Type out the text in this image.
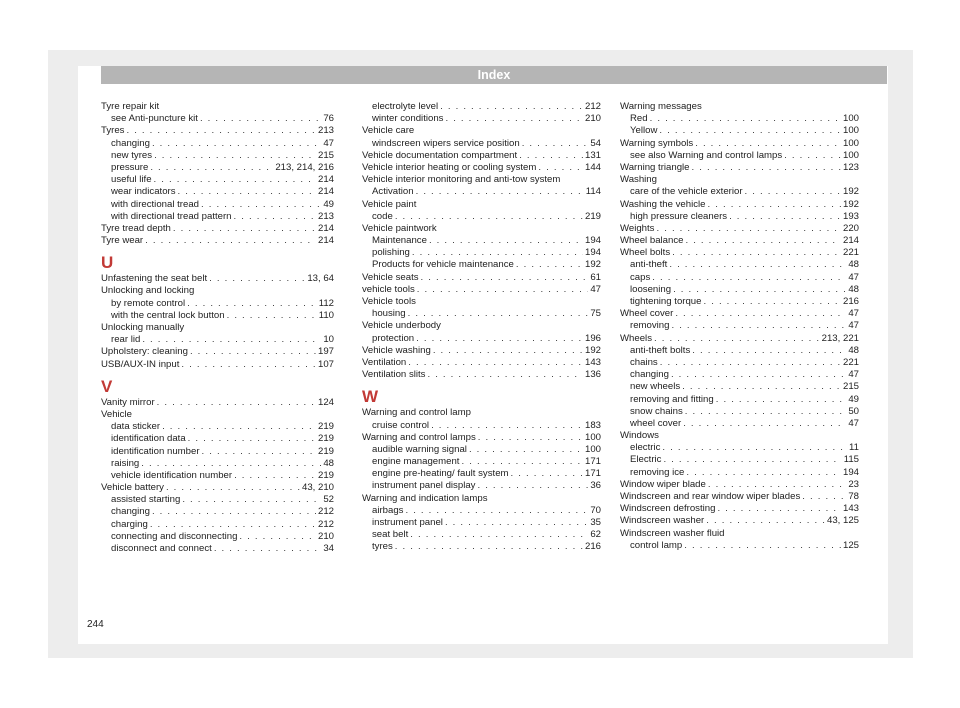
Index
Tyre repair kit
see Anti-puncture kit . . .	76
Tyres . . .	213
changing . . .	47
new tyres . . .	215
pressure . . .	213, 214, 216
useful life . . .	214
wear indicators . . .	214
with directional tread . . .	49
with directional tread pattern . . .	213
Tyre tread depth . . .	214
Tyre wear . . .	214
U
Unfastening the seat belt . . .	13, 64
Unlocking and locking
by remote control . . .	112
with the central lock button . . .	110
Unlocking manually
rear lid . . .	10
Upholstery: cleaning . . .	197
USB/AUX-IN input . . .	107
V
Vanity mirror . . .	124
Vehicle
data sticker . . .	219
identification data . . .	219
identification number . . .	219
raising . . .	48
vehicle identification number . . .	219
Vehicle battery . . .	43, 210
assisted starting . . .	52
changing . . .	212
charging . . .	212
connecting and disconnecting . . .	210
disconnect and connect . . .	34
electrolyte level . . .	212
winter conditions . . .	210
Vehicle care
windscreen wipers service position . . .	54
Vehicle documentation compartment . . .	131
Vehicle interior heating or cooling system . . .	144
Vehicle interior monitoring and anti-tow system
Activation . . .	114
Vehicle paint
code . . .	219
Vehicle paintwork
Maintenance . . .	194
polishing . . .	194
Products for vehicle maintenance . . .	192
Vehicle seats . . .	61
vehicle tools . . .	47
Vehicle tools
housing . . .	75
Vehicle underbody
protection . . .	196
Vehicle washing . . .	192
Ventilation . . .	143
Ventilation slits . . .	136
W
Warning and control lamp
cruise control . . .	183
Warning and control lamps . . .	100
audible warning signal . . .	100
engine management . . .	171
engine pre-heating/ fault system . . .	171
instrument panel display . . .	36
Warning and indication lamps
airbags . . .	70
instrument panel . . .	35
seat belt . . .	62
tyres . . .	216
Warning messages
Red . . .	100
Yellow . . .	100
Warning symbols . . .	100
see also Warning and control lamps . . .	100
Warning triangle . . .	123
Washing
care of the vehicle exterior . . .	192
Washing the vehicle . . .	192
high pressure cleaners . . .	193
Weights . . .	220
Wheel balance . . .	214
Wheel bolts . . .	221
anti-theft . . .	48
caps . . .	47
loosening . . .	48
tightening torque . . .	216
Wheel cover . . .	47
removing . . .	47
Wheels . . .	213, 221
anti-theft bolts . . .	48
chains . . .	221
changing . . .	47
new wheels . . .	215
removing and fitting . . .	49
snow chains . . .	50
wheel cover . . .	47
Windows
electric . . .	11
Electric . . .	115
removing ice . . .	194
Window wiper blade . . .	23
Windscreen and rear window wiper blades . . .	78
Windscreen defrosting . . .	143
Windscreen washer . . .	43, 125
Windscreen washer fluid
control lamp . . .	125
244
